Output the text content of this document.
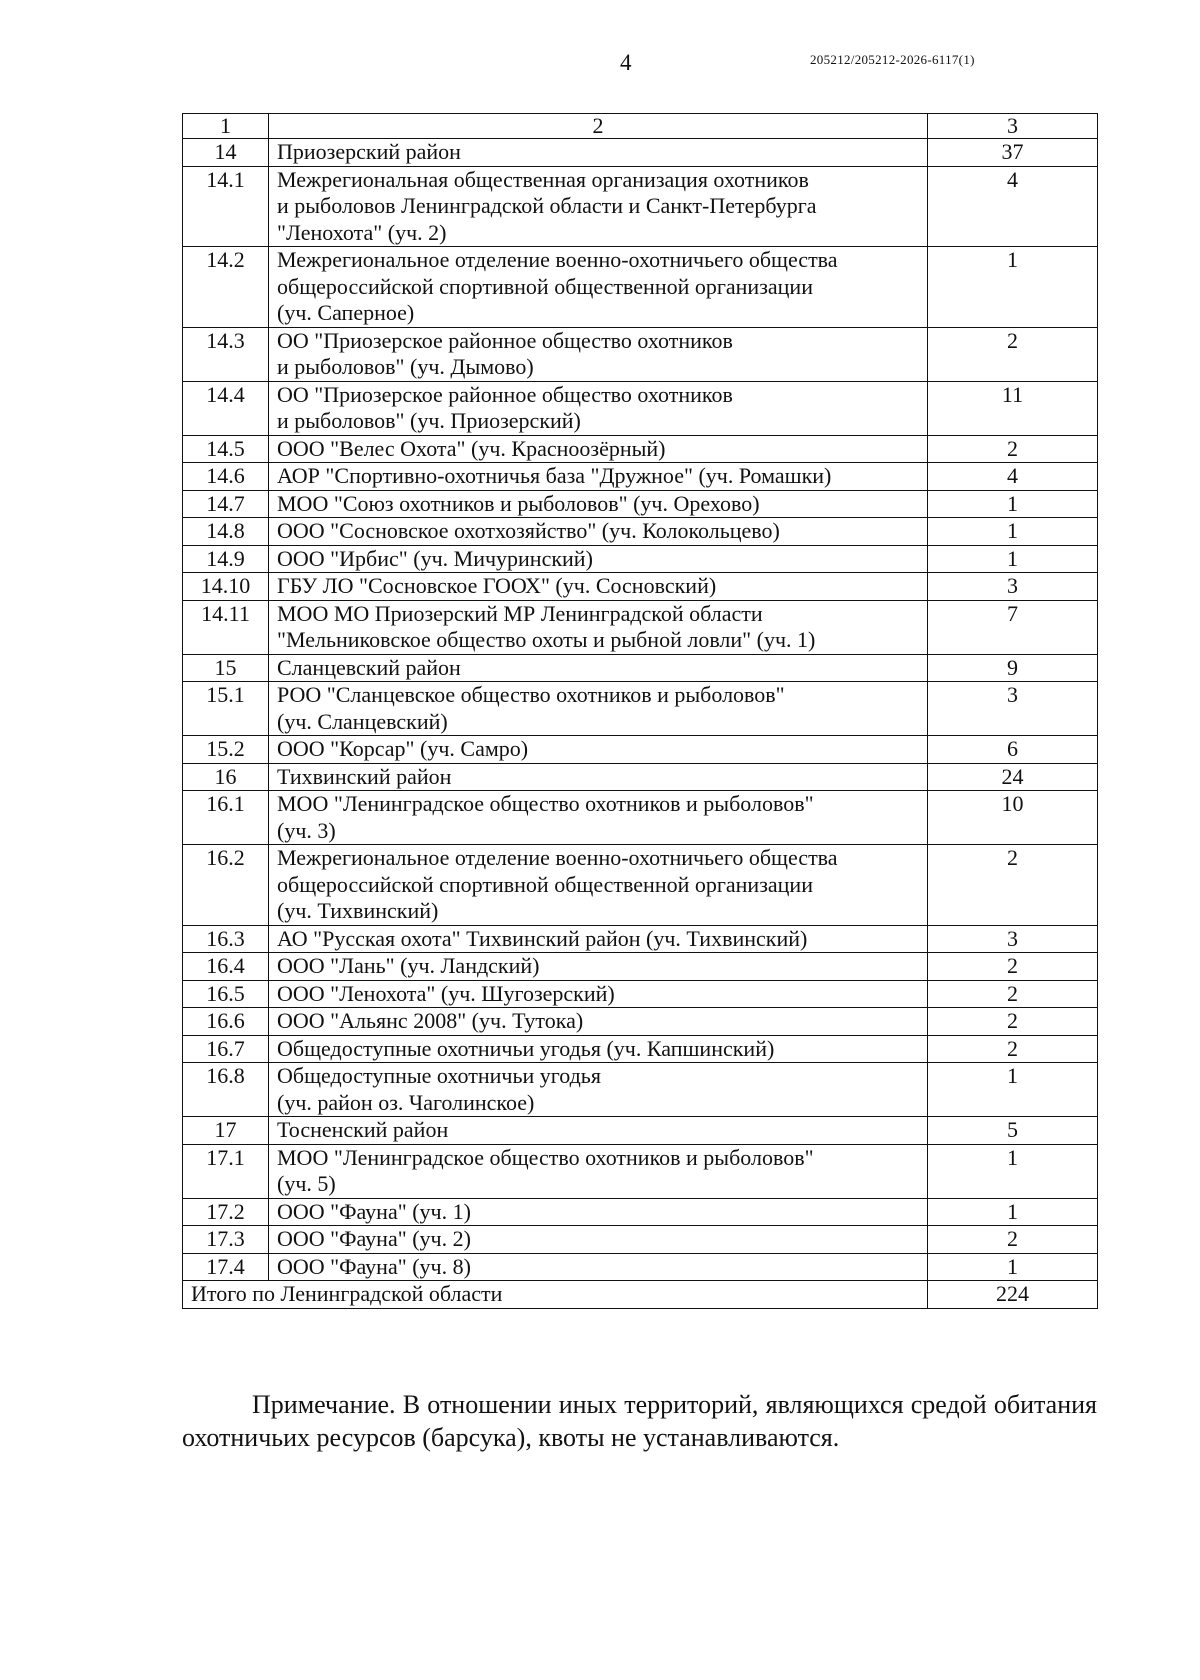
4	205212/205212-2026-6117(1)
1	2	3
14	Приозерский район	37
14.1	Межрегиональная общественная организация охотников
и рыболовов Ленинградской области и Санкт-Петербурга
"Ленохота" (уч. 2)	4
14.2	Межрегиональное отделение военно-охотничьего общества
общероссийской спортивной общественной организации
(уч. Саперное)	1
14.3	ОО "Приозерское районное общество охотников
и рыболовов" (уч. Дымово)	2
14.4	ОО "Приозерское районное общество охотников
и рыболовов" (уч. Приозерский)	11
14.5	ООО "Велес Охота" (уч. Красноозёрный)	2
14.6	АОР "Спортивно-охотничья база "Дружное" (уч. Ромашки)	4
14.7	МОО "Союз охотников и рыболовов" (уч. Орехово)	1
14.8	ООО "Сосновское охотхозяйство" (уч. Колокольцево)	1
14.9	ООО "Ирбис" (уч. Мичуринский)	1
14.10	ГБУ ЛО "Сосновское ГООХ" (уч. Сосновский)	3
14.11	МОО МО Приозерский МР Ленинградской области
"Мельниковское общество охоты и рыбной ловли" (уч. 1)	7
15	Сланцевский район	9
15.1	РОО "Сланцевское общество охотников и рыболовов"
(уч. Сланцевский)	3
15.2	ООО "Корсар" (уч. Самро)	6
16	Тихвинский район	24
16.1	МОО "Ленинградское общество охотников и рыболовов"
(уч. 3)	10
16.2	Межрегиональное отделение военно-охотничьего общества
общероссийской спортивной общественной организации
(уч. Тихвинский)	2
16.3	АО "Русская охота" Тихвинский район (уч. Тихвинский)	3
16.4	ООО "Лань" (уч. Ландский)	2
16.5	ООО "Ленохота" (уч. Шугозерский)	2
16.6	ООО "Альянс 2008" (уч. Тутока)	2
16.7	Общедоступные охотничьи угодья (уч. Капшинский)	2
16.8	Общедоступные охотничьи угодья
(уч. район оз. Чаголинское)	1
17	Тосненский район	5
17.1	МОО "Ленинградское общество охотников и рыболовов"
(уч. 5)	1
17.2	ООО "Фауна" (уч. 1)	1
17.3	ООО "Фауна" (уч. 2)	2
17.4	ООО "Фауна" (уч. 8)	1
Итого по Ленинградской области		224
Примечание. В отношении иных территорий, являющихся средой обитания охотничьих ресурсов (барсука), квоты не устанавливаются.
